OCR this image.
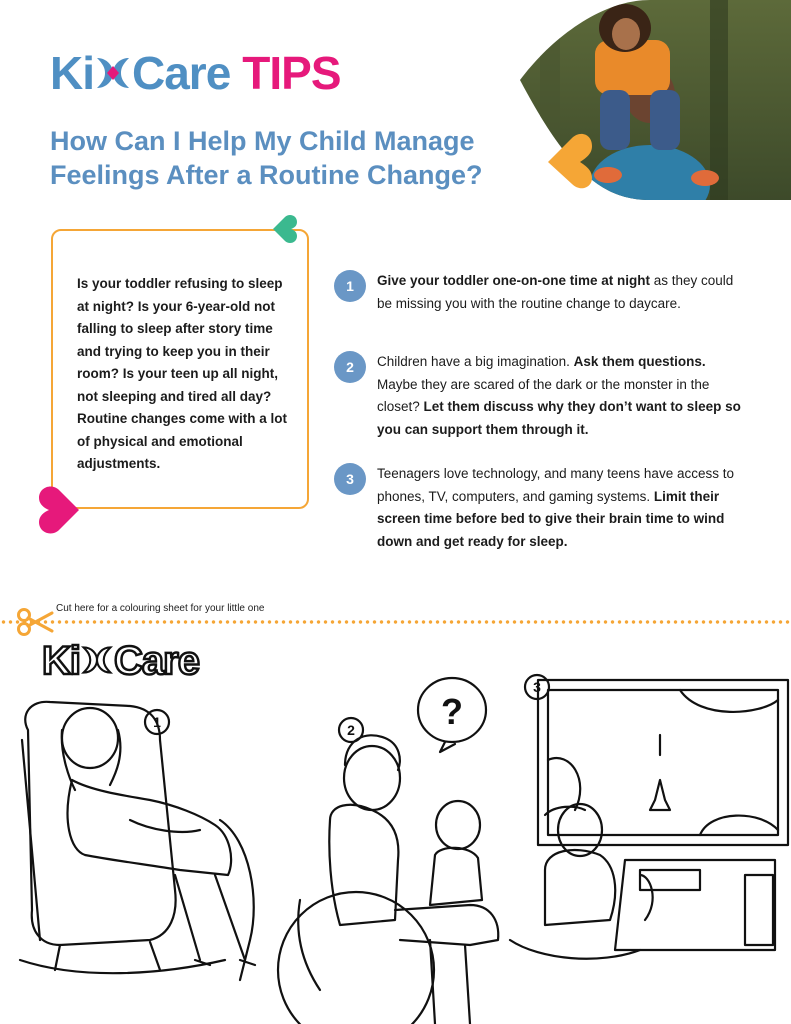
Ki Care TIPS
How Can I Help My Child Manage Feelings After a Routine Change?
Is your toddler refusing to sleep at night? Is your 6-year-old not falling to sleep after story time and trying to keep you in their room? Is your teen up all night, not sleeping and tired all day? Routine changes come with a lot of physical and emotional adjustments.
1	Give your toddler one-on-one time at night as they could be missing you with the routine change to daycare.
2	Children have a big imagination. Ask them questions. Maybe they are scared of the dark or the monster in the closet? Let them discuss why they don’t want to sleep so you can support them through it.
3	Teenagers love technology, and many teens have access to phones, TV, computers, and gaming systems. Limit their screen time before bed to give their brain time to wind down and get ready for sleep.
Cut here for a colouring sheet for your little one
Ki Care
1	2
3
?
